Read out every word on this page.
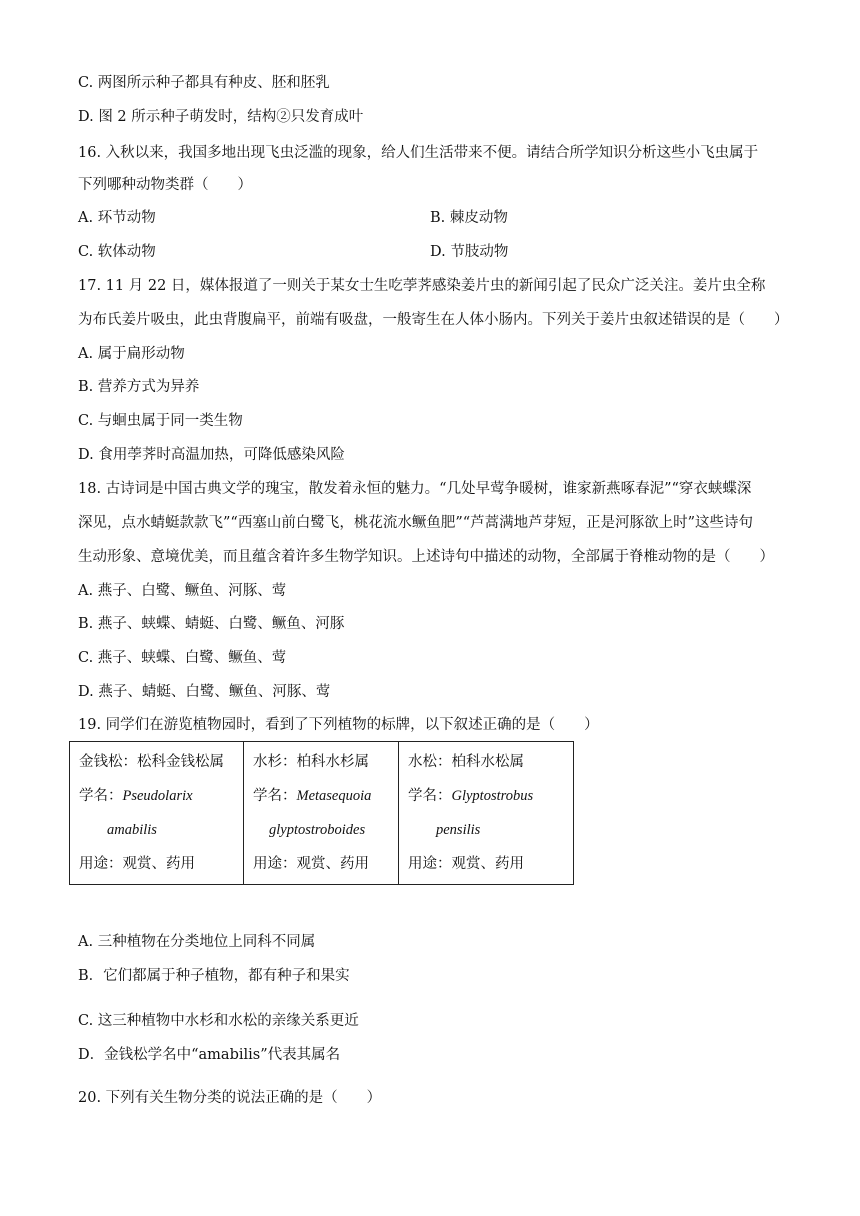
C. 两图所示种子都具有种皮、胚和胚乳
D. 图 2 所示种子萌发时，结构②只发育成叶
16. 入秋以来，我国多地出现飞虫泛滥的现象，给人们生活带来不便。请结合所学知识分析这些小飞虫属于
下列哪种动物类群（　　）
A. 环节动物	B. 棘皮动物
C. 软体动物	D. 节肢动物
17. 11 月 22 日，媒体报道了一则关于某女士生吃荸荠感染姜片虫的新闻引起了民众广泛关注。姜片虫全称
为布氏姜片吸虫，此虫背腹扁平，前端有吸盘，一般寄生在人体小肠内。下列关于姜片虫叙述错误的是（　　）
A. 属于扁形动物
B. 营养方式为异养
C. 与蛔虫属于同一类生物
D. 食用荸荠时高温加热，可降低感染风险
18. 古诗词是中国古典文学的瑰宝，散发着永恒的魅力。“几处早莺争暖树，谁家新燕啄春泥”“穿衣蛱蝶深
深见，点水蜻蜓款款飞”“西塞山前白鹭飞，桃花流水鳜鱼肥”“芦蒿满地芦芽短，正是河豚欲上时”这些诗句
生动形象、意境优美，而且蕴含着许多生物学知识。上述诗句中描述的动物，全部属于脊椎动物的是（　　）
A. 燕子、白鹭、鳜鱼、河豚、莺
B. 燕子、蛱蝶、蜻蜓、白鹭、鳜鱼、河豚
C. 燕子、蛱蝶、白鹭、鳜鱼、莺
D. 燕子、蜻蜓、白鹭、鳜鱼、河豚、莺
19. 同学们在游览植物园时，看到了下列植物的标牌，以下叙述正确的是（　　）
金钱松：松科金钱松属
学名：Pseudolarix
amabilis
用途：观赏、药用

水杉：柏科水杉属
学名：Metasequoia
glyptostroboides
用途：观赏、药用

水松：柏科水松属
学名：Glyptostrobus
pensilis
用途：观赏、药用
A. 三种植物在分类地位上同科不同属
B．它们都属于种子植物，都有种子和果实
C. 这三种植物中水杉和水松的亲缘关系更近
D．金钱松学名中“amabilis”代表其属名
20. 下列有关生物分类的说法正确的是（　　）
